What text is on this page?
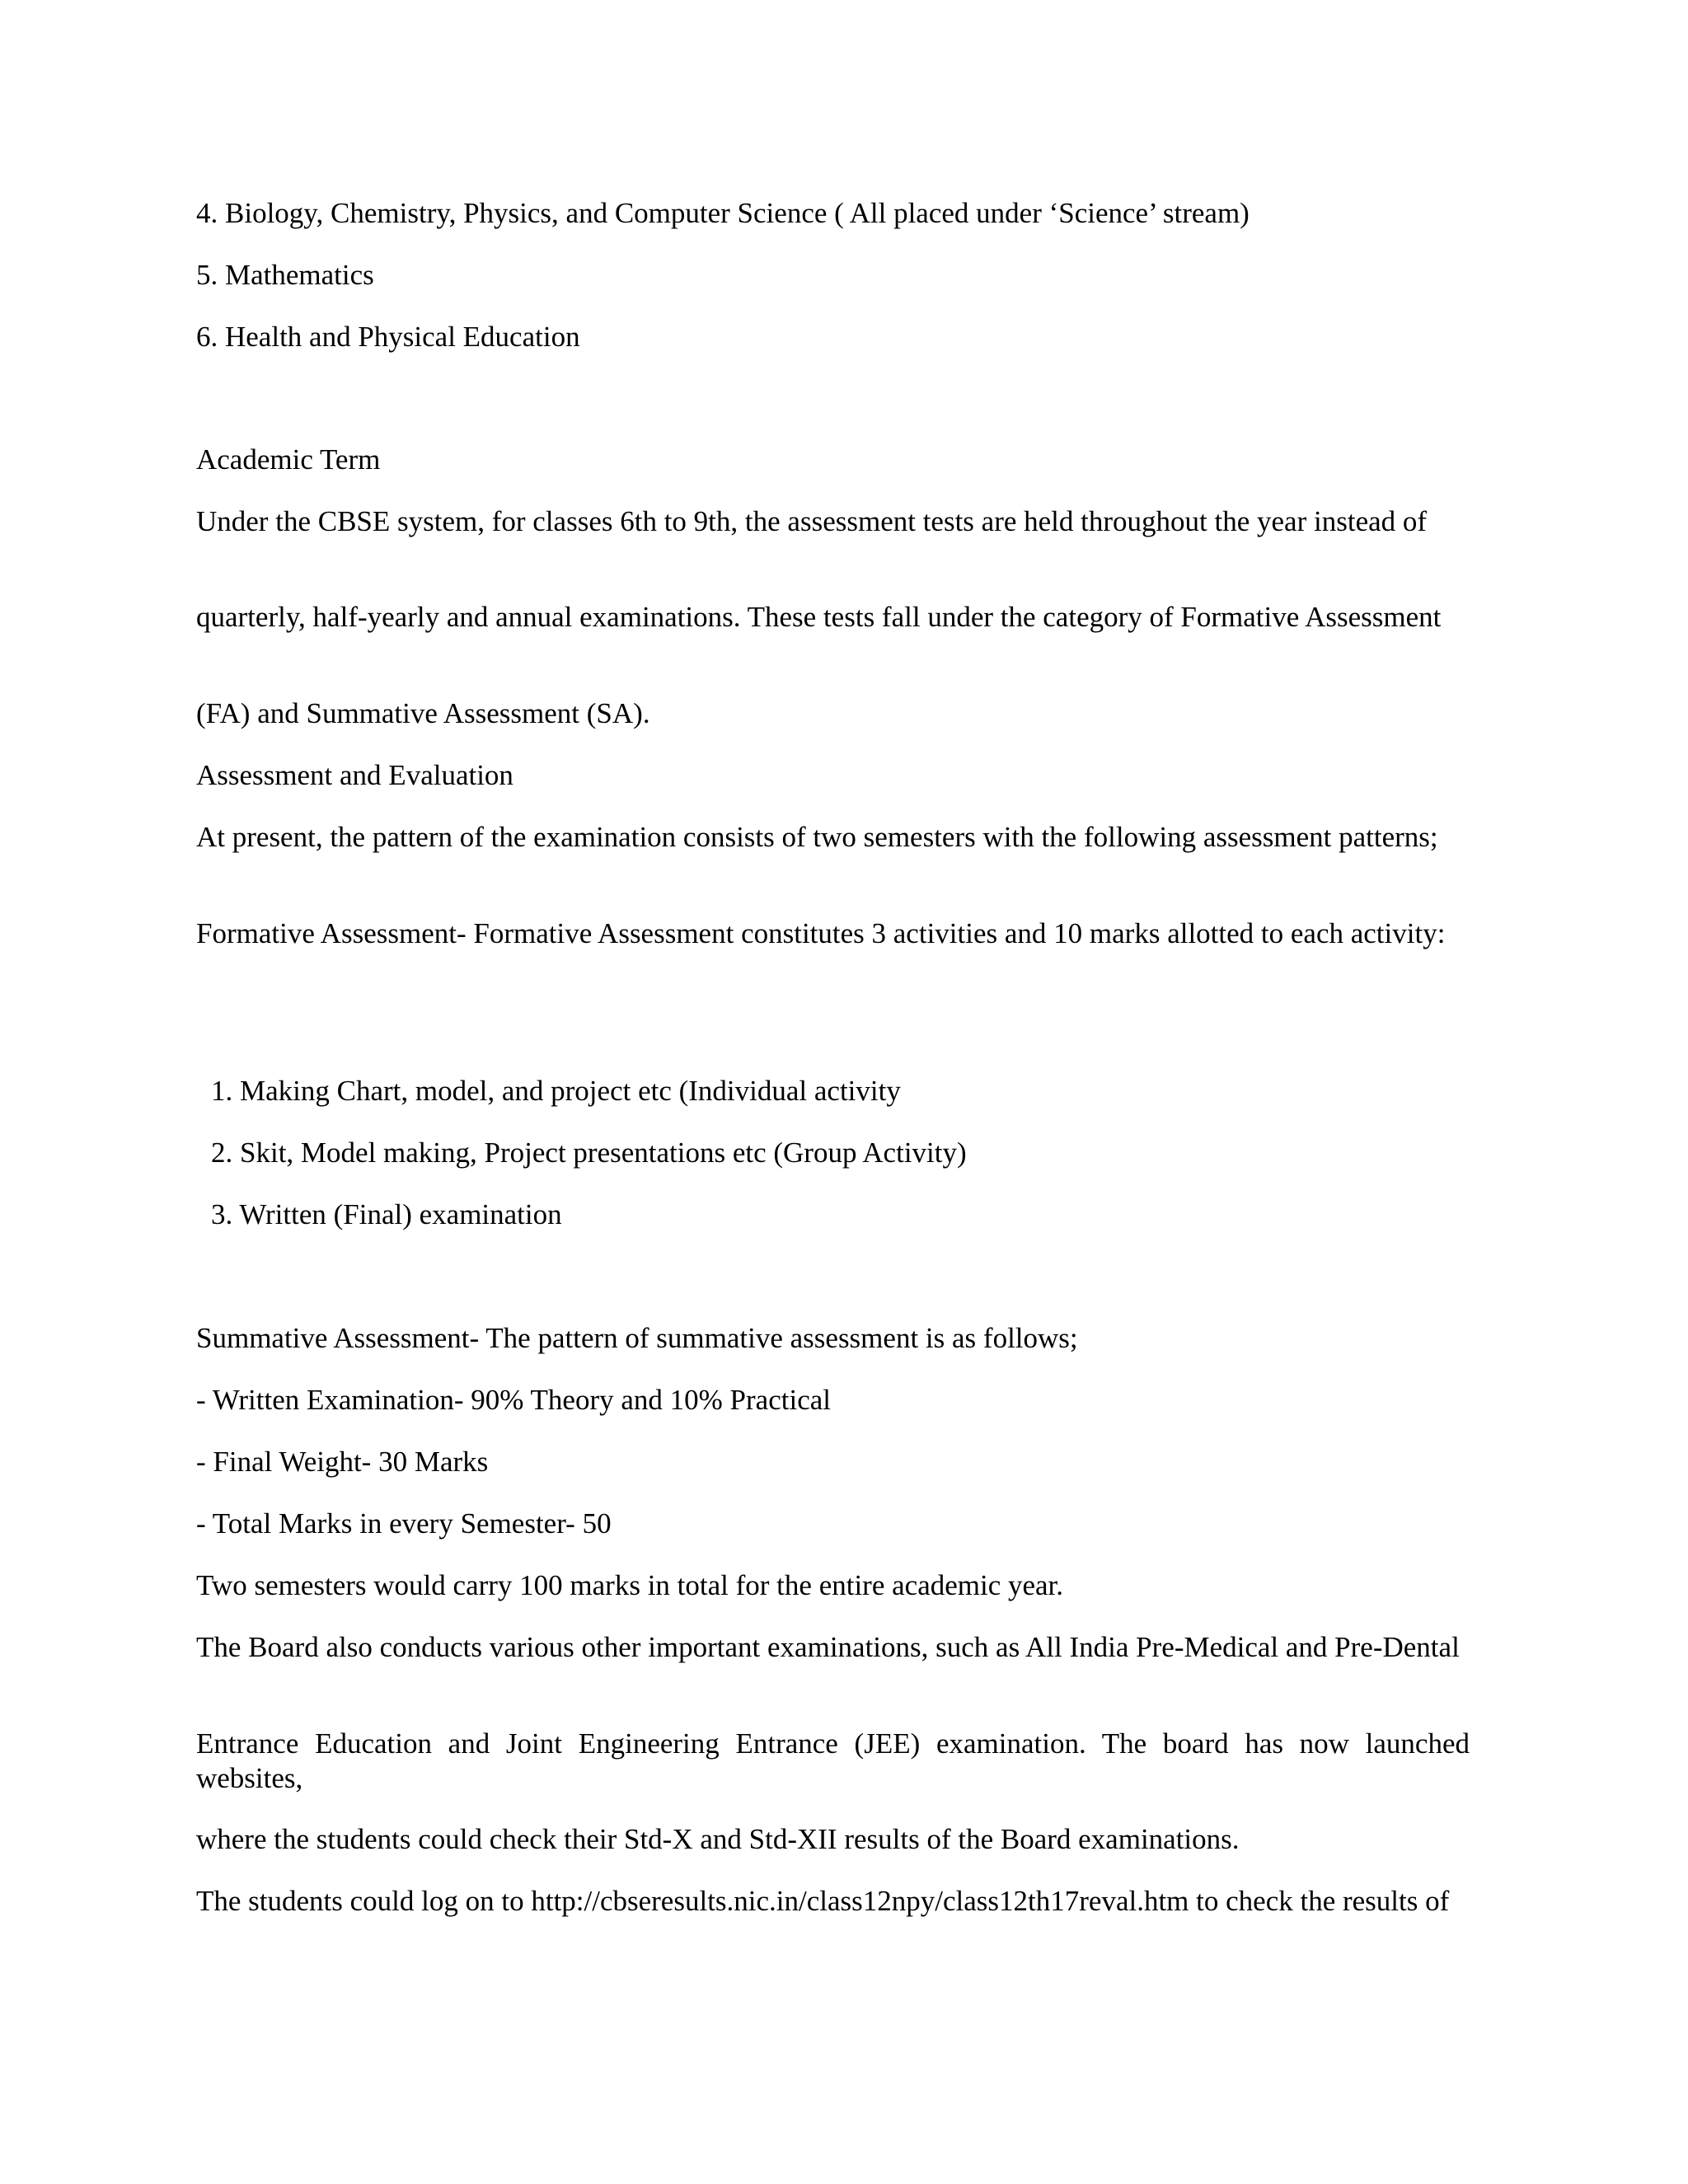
4. Biology, Chemistry, Physics, and Computer Science ( All placed under ‘Science’ stream)

5. Mathematics

6. Health and Physical Education

Academic Term

Under the CBSE system, for classes 6th to 9th, the assessment tests are held throughout the year instead of

quarterly, half-yearly and annual examinations. These tests fall under the category of Formative Assessment

(FA) and Summative Assessment (SA).

Assessment and Evaluation

At present, the pattern of the examination consists of two semesters with the following assessment patterns;

Formative Assessment- Formative Assessment constitutes 3 activities and 10 marks allotted to each activity:

1. Making Chart, model, and project etc (Individual activity

2. Skit, Model making, Project presentations etc (Group Activity)

3. Written (Final) examination

Summative Assessment- The pattern of summative assessment is as follows;

- Written Examination- 90% Theory and 10% Practical

- Final Weight- 30 Marks

- Total Marks in every Semester- 50

Two semesters would carry 100 marks in total for the entire academic year.

The Board also conducts various other important examinations, such as All India Pre-Medical and Pre-Dental

Entrance Education and Joint Engineering Entrance (JEE) examination. The board has now launched websites,

where the students could check their Std-X and Std-XII results of the Board examinations.

The students could log on to http://cbseresults.nic.in/class12npy/class12th17reval.htm to check the results of
